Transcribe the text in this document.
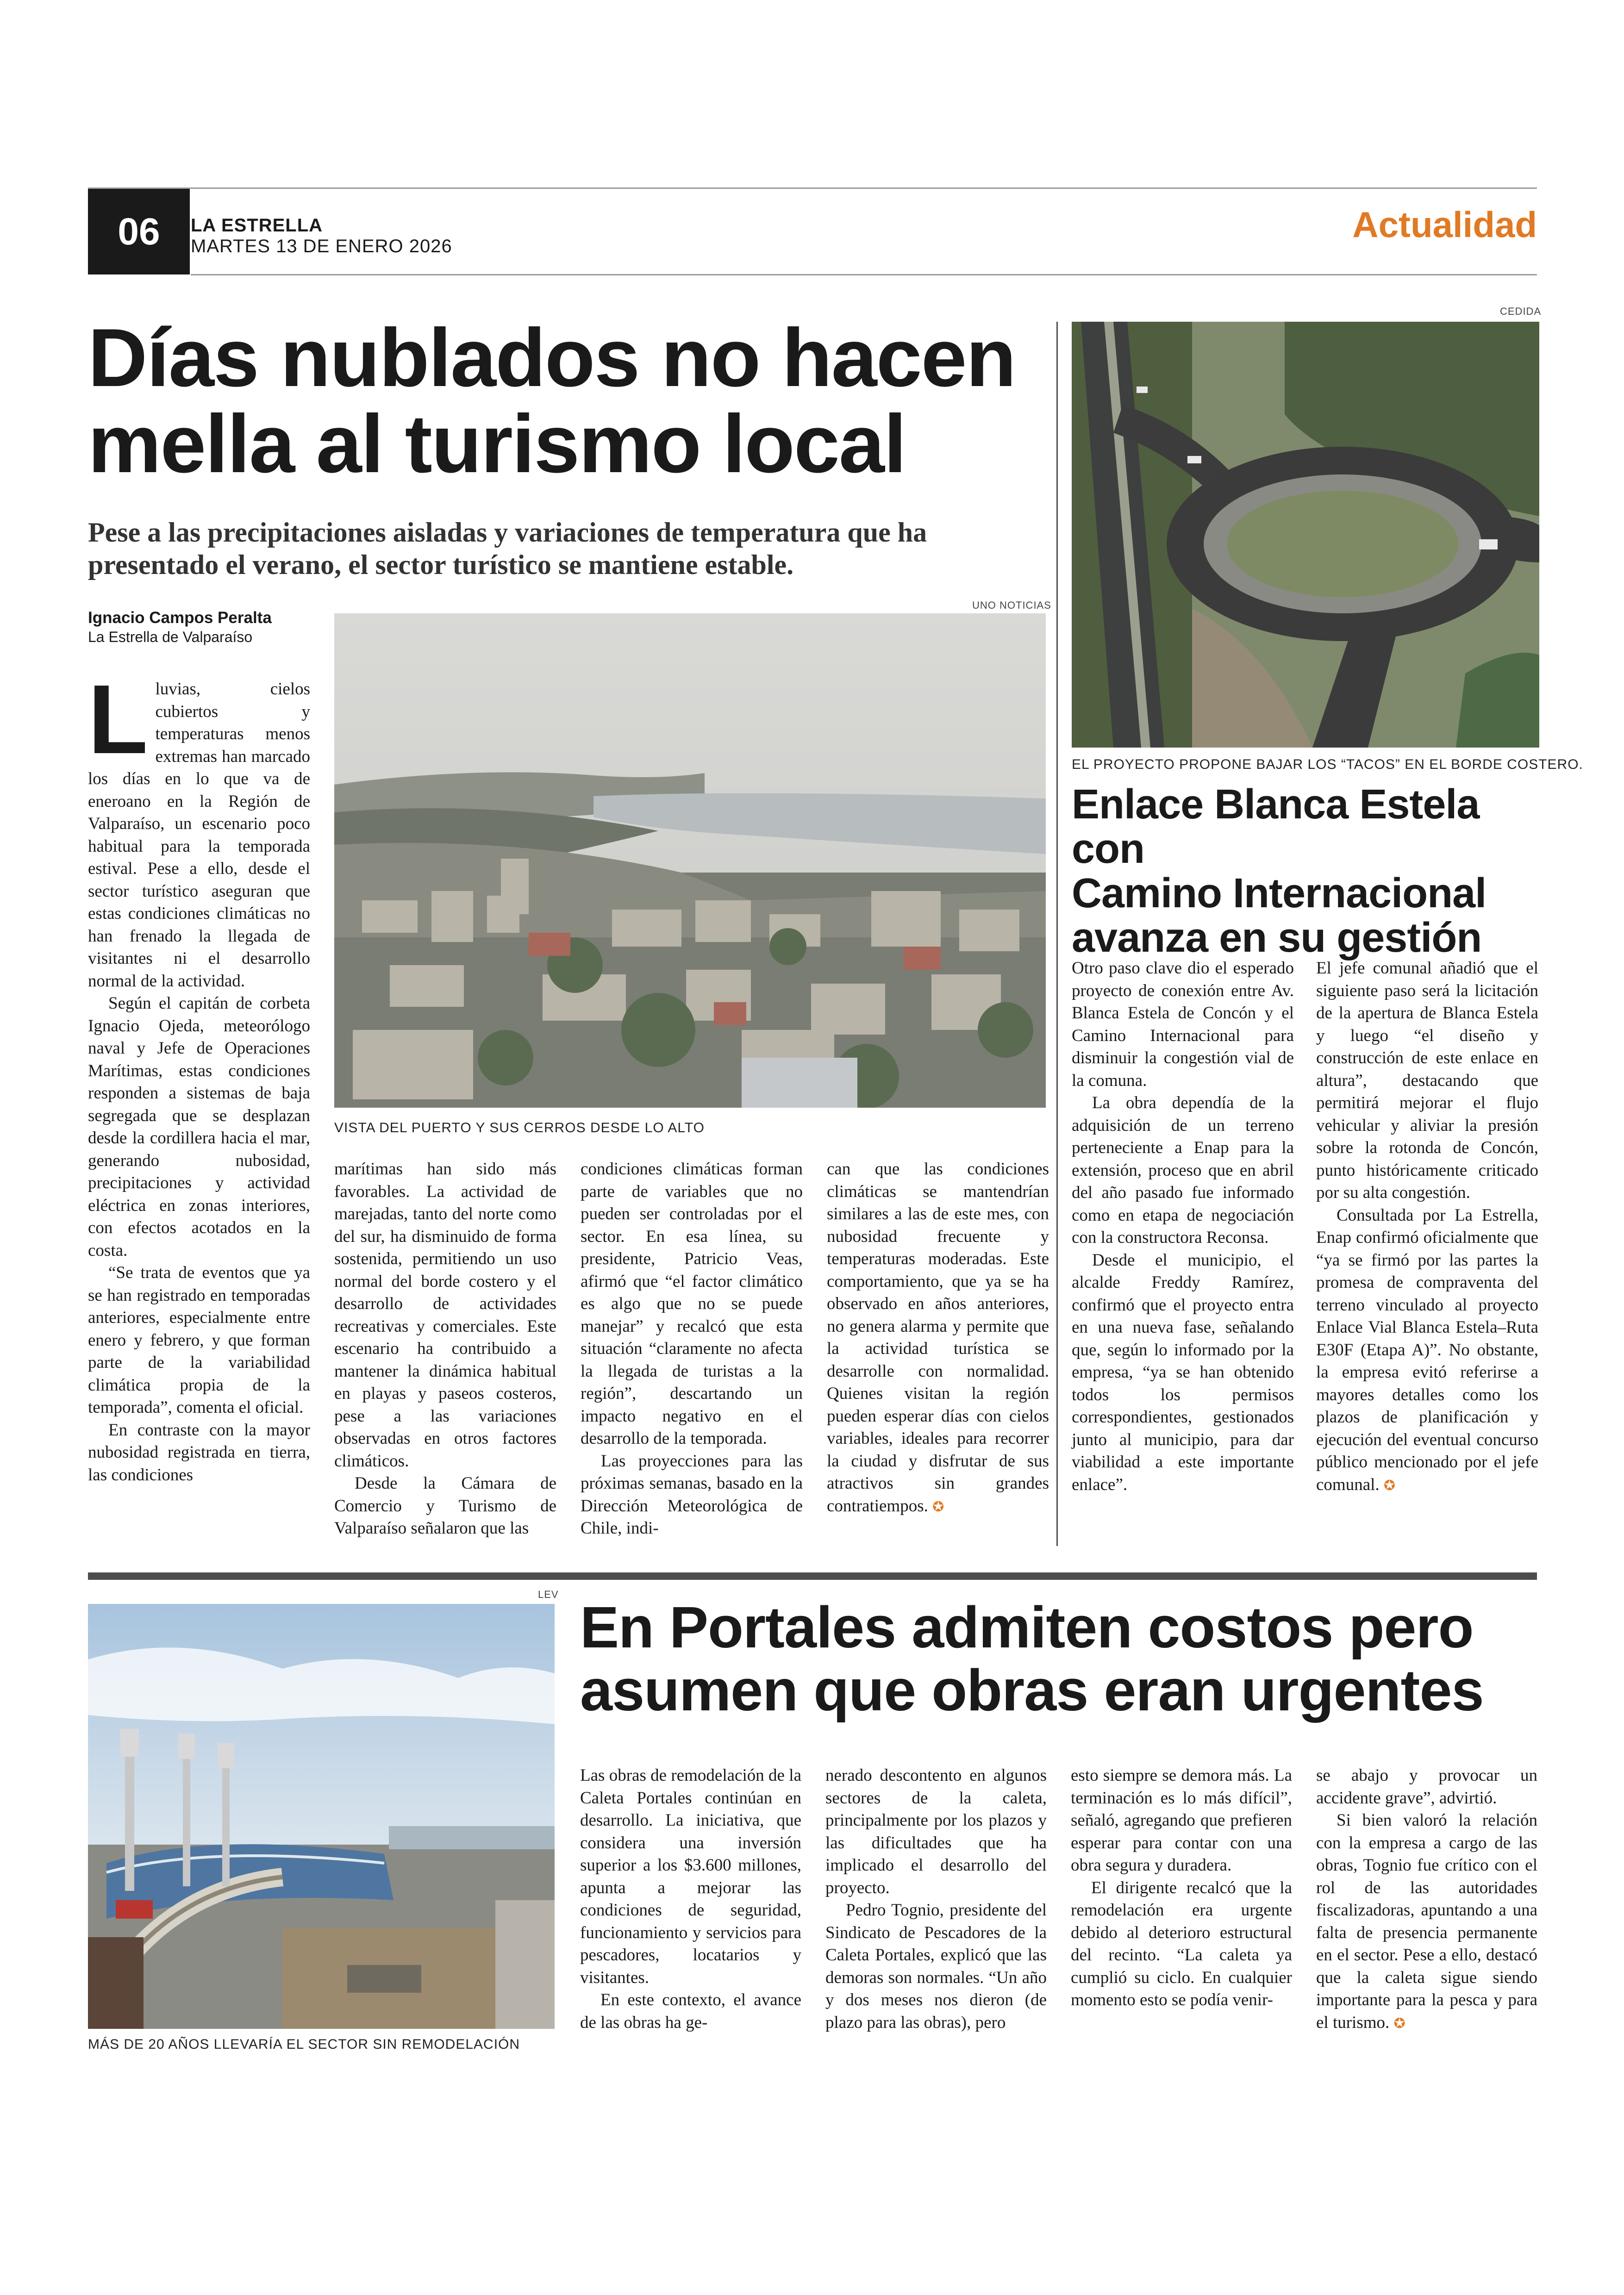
06	LA ESTRELLA
MARTES 13 DE ENERO 2026
Actualidad
Días nublados no hacen
mella al turismo local
Pese a las precipitaciones aisladas y variaciones de temperatura que ha presentado el verano, el sector turístico se mantiene estable.
Ignacio Campos Peralta
La Estrella de Valparaíso
UNO NOTICIAS
VISTA DEL PUERTO Y SUS CERROS DESDE LO ALTO

Lluvias, cielos cubiertos y temperaturas menos extremas han marcado los días en lo que va de eneroano en la Región de Valparaíso, un escenario poco habitual para la temporada estival. Pese a ello, desde el sector turístico aseguran que estas condiciones climáticas no han frenado la llegada de visitantes ni el desarrollo normal de la actividad.

Según el capitán de corbeta Ignacio Ojeda, meteorólogo naval y Jefe de Operaciones Marítimas, estas condiciones responden a sistemas de baja segregada que se desplazan desde la cordillera hacia el mar, generando nubosidad, precipitaciones y actividad eléctrica en zonas interiores, con efectos acotados en la costa.

“Se trata de eventos que ya se han registrado en temporadas anteriores, especialmente entre enero y febrero, y que forman parte de la variabilidad climática propia de la temporada”, comenta el oficial.

En contraste con la mayor nubosidad registrada en tierra, las condiciones

marítimas han sido más favorables. La actividad de marejadas, tanto del norte como del sur, ha disminuido de forma sostenida, permitiendo un uso normal del borde costero y el desarrollo de actividades recreativas y comerciales. Este escenario ha contribuido a mantener la dinámica habitual en playas y paseos costeros, pese a las variaciones observadas en otros factores climáticos.

Desde la Cámara de Comercio y Turismo de Valparaíso señalaron que las

condiciones climáticas forman parte de variables que no pueden ser controladas por el sector. En esa línea, su presidente, Patricio Veas, afirmó que “el factor climático es algo que no se puede manejar” y recalcó que esta situación “claramente no afecta la llegada de turistas a la región”, descartando un impacto negativo en el desarrollo de la temporada.

Las proyecciones para las próximas semanas, basado en la Dirección Meteorológica de Chile, indi-

can que las condiciones climáticas se mantendrían similares a las de este mes, con nubosidad frecuente y temperaturas moderadas. Este comportamiento, que ya se ha observado en años anteriores, no genera alarma y permite que la actividad turística se desarrolle con normalidad. Quienes visitan la región pueden esperar días con cielos variables, ideales para recorrer la ciudad y disfrutar de sus atractivos sin grandes contratiempos. ✪

CEDIDA
EL PROYECTO PROPONE BAJAR LOS “TACOS” EN EL BORDE COSTERO.
Enlace Blanca Estela con
Camino Internacional
avanza en su gestión

Otro paso clave dio el esperado proyecto de conexión entre Av. Blanca Estela de Concón y el Camino Internacional para disminuir la congestión vial de la comuna.

La obra dependía de la adquisición de un terreno perteneciente a Enap para la extensión, proceso que en abril del año pasado fue informado como en etapa de negociación con la constructora Reconsa.

Desde el municipio, el alcalde Freddy Ramírez, confirmó que el proyecto entra en una nueva fase, señalando que, según lo informado por la empresa, “ya se han obtenido todos los permisos correspondientes, gestionados junto al municipio, para dar viabilidad a este importante enlace”.

El jefe comunal añadió que el siguiente paso será la licitación de la apertura de Blanca Estela y luego “el diseño y construcción de este enlace en altura”, destacando que permitirá mejorar el flujo vehicular y aliviar la presión sobre la rotonda de Concón, punto históricamente criticado por su alta congestión.

Consultada por La Estrella, Enap confirmó oficialmente que “ya se firmó por las partes la promesa de compraventa del terreno vinculado al proyecto Enlace Vial Blanca Estela–Ruta E30F (Etapa A)”. No obstante, la empresa evitó referirse a mayores detalles como los plazos de planificación y ejecución del eventual concurso público mencionado por el jefe comunal. ✪

LEV
MÁS DE 20 AÑOS LLEVARÍA EL SECTOR SIN REMODELACIÓN
En Portales admiten costos pero
asumen que obras eran urgentes

Las obras de remodelación de la Caleta Portales continúan en desarrollo. La iniciativa, que considera una inversión superior a los $3.600 millones, apunta a mejorar las condiciones de seguridad, funcionamiento y servicios para pescadores, locatarios y visitantes.

En este contexto, el avance de las obras ha ge-

nerado descontento en algunos sectores de la caleta, principalmente por los plazos y las dificultades que ha implicado el desarrollo del proyecto.

Pedro Tognio, presidente del Sindicato de Pescadores de la Caleta Portales, explicó que las demoras son normales. “Un año y dos meses nos dieron (de plazo para las obras), pero

esto siempre se demora más. La terminación es lo más difícil”, señaló, agregando que prefieren esperar para contar con una obra segura y duradera.

El dirigente recalcó que la remodelación era urgente debido al deterioro estructural del recinto. “La caleta ya cumplió su ciclo. En cualquier momento esto se podía venir-

se abajo y provocar un accidente grave”, advirtió.

Si bien valoró la relación con la empresa a cargo de las obras, Tognio fue crítico con el rol de las autoridades fiscalizadoras, apuntando a una falta de presencia permanente en el sector. Pese a ello, destacó que la caleta sigue siendo importante para la pesca y para el turismo. ✪
